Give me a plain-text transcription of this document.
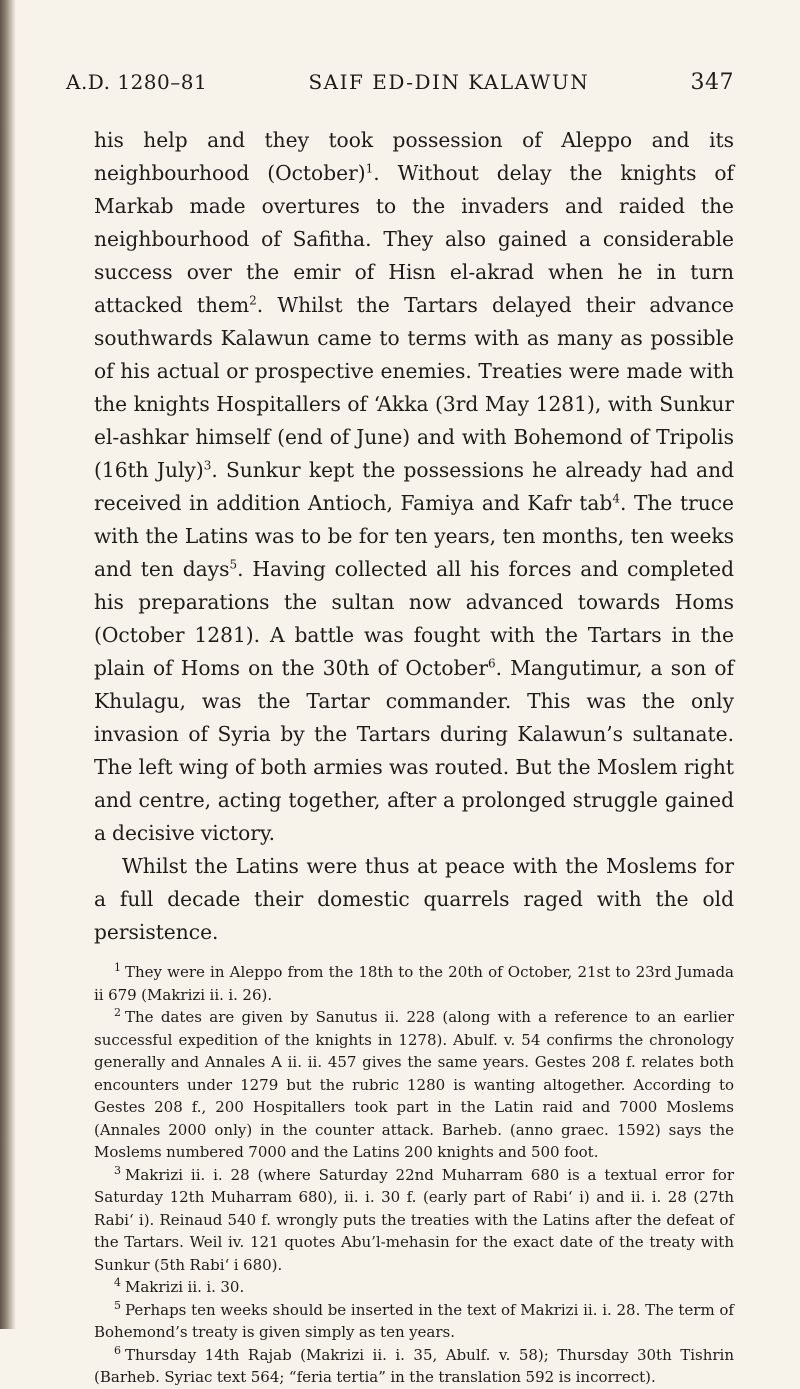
A.D. 1280–81	SAIF ED-DIN KALAWUN	347

his help and they took possession of Aleppo and its neighbourhood (October)$^1$. Without delay the knights of Markab made overtures to the invaders and raided the neighbourhood of Safitha. They also gained a considerable success over the emir of Hisn el-akrad when he in turn attacked them$^2$. Whilst the Tartars delayed their advance southwards Kalawun came to terms with as many as possible of his actual or prospective enemies. Treaties were made with the knights Hospitallers of ‘Akka (3rd May 1281), with Sunkur el-ashkar himself (end of June) and with Bohemond of Tripolis (16th July)$^3$. Sunkur kept the possessions he already had and received in addition Antioch, Famiya and Kafr tab$^4$. The truce with the Latins was to be for ten years, ten months, ten weeks and ten days$^5$. Having collected all his forces and completed his preparations the sultan now advanced towards Homs (October 1281). A battle was fought with the Tartars in the plain of Homs on the 30th of October$^6$. Mangutimur, a son of Khulagu, was the Tartar commander. This was the only invasion of Syria by the Tartars during Kalawun’s sultanate. The left wing of both armies was routed. But the Moslem right and centre, acting together, after a prolonged struggle gained a decisive victory.

Whilst the Latins were thus at peace with the Moslems for a full decade their domestic quarrels raged with the old persistence.

$^1$ They were in Aleppo from the 18th to the 20th of October, 21st to 23rd Jumada ii 679 (Makrizi ii. i. 26).

$^2$ The dates are given by Sanutus ii. 228 (along with a reference to an earlier successful expedition of the knights in 1278). Abulf. v. 54 confirms the chronology generally and Annales A ii. ii. 457 gives the same years. Gestes 208 f. relates both encounters under 1279 but the rubric 1280 is wanting altogether. According to Gestes 208 f., 200 Hospitallers took part in the Latin raid and 7000 Moslems (Annales 2000 only) in the counter attack. Barheb. (anno graec. 1592) says the Moslems numbered 7000 and the Latins 200 knights and 500 foot.

$^3$ Makrizi ii. i. 28 (where Saturday 22nd Muharram 680 is a textual error for Saturday 12th Muharram 680), ii. i. 30 f. (early part of Rabi‘ i) and ii. i. 28 (27th Rabi‘ i). Reinaud 540 f. wrongly puts the treaties with the Latins after the defeat of the Tartars. Weil iv. 121 quotes Abu’l-mehasin for the exact date of the treaty with Sunkur (5th Rabi‘ i 680).

$^4$ Makrizi ii. i. 30.

$^5$ Perhaps ten weeks should be inserted in the text of Makrizi ii. i. 28. The term of Bohemond’s treaty is given simply as ten years.

$^6$ Thursday 14th Rajab (Makrizi ii. i. 35, Abulf. v. 58); Thursday 30th Tishrin (Barheb. Syriac text 564; “feria tertia” in the translation 592 is incorrect).
